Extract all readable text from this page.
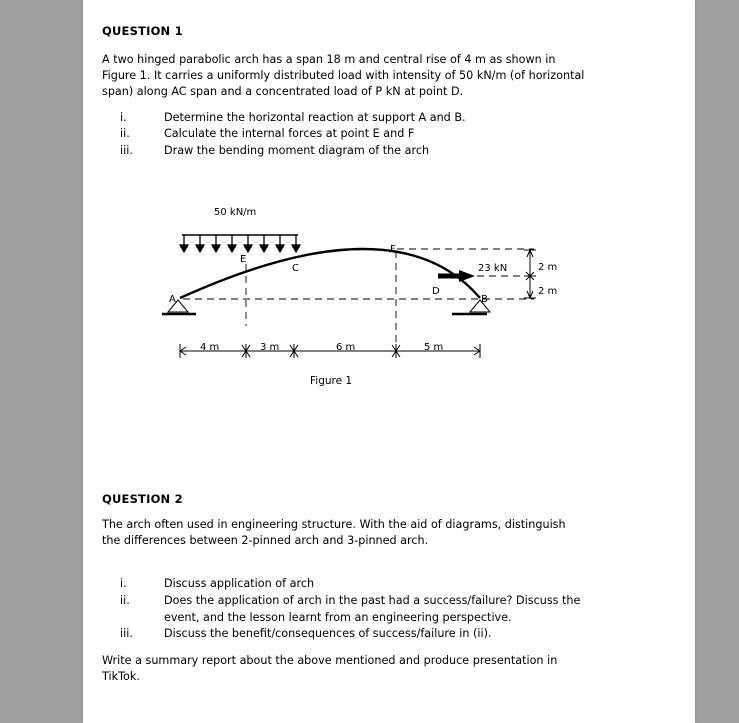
QUESTION 1
A two hinged parabolic arch has a span 18 m and central rise of 4 m as shown in
Figure 1. It carries a uniformly distributed load with intensity of 50 kN/m (of horizontal
span) along AC span and a concentrated load of P kN at point D.
i.	Determine the horizontal reaction at support A and B.
ii.	Calculate the internal forces at point E and F
iii.	Draw the bending moment diagram of the arch
50 kN/m
23 kN
A	B
C
D
E
F
2 m
2 m
4 m	3 m	6 m	5 m
Figure 1
QUESTION 2
The arch often used in engineering structure. With the aid of diagrams, distinguish
the differences between 2-pinned arch and 3-pinned arch.
i.	Discuss application of arch
ii.	Does the application of arch in the past had a success/failure? Discuss the
event, and the lesson learnt from an engineering perspective.
iii.	Discuss the benefit/consequences of success/failure in (ii).
Write a summary report about the above mentioned and produce presentation in
TikTok.
